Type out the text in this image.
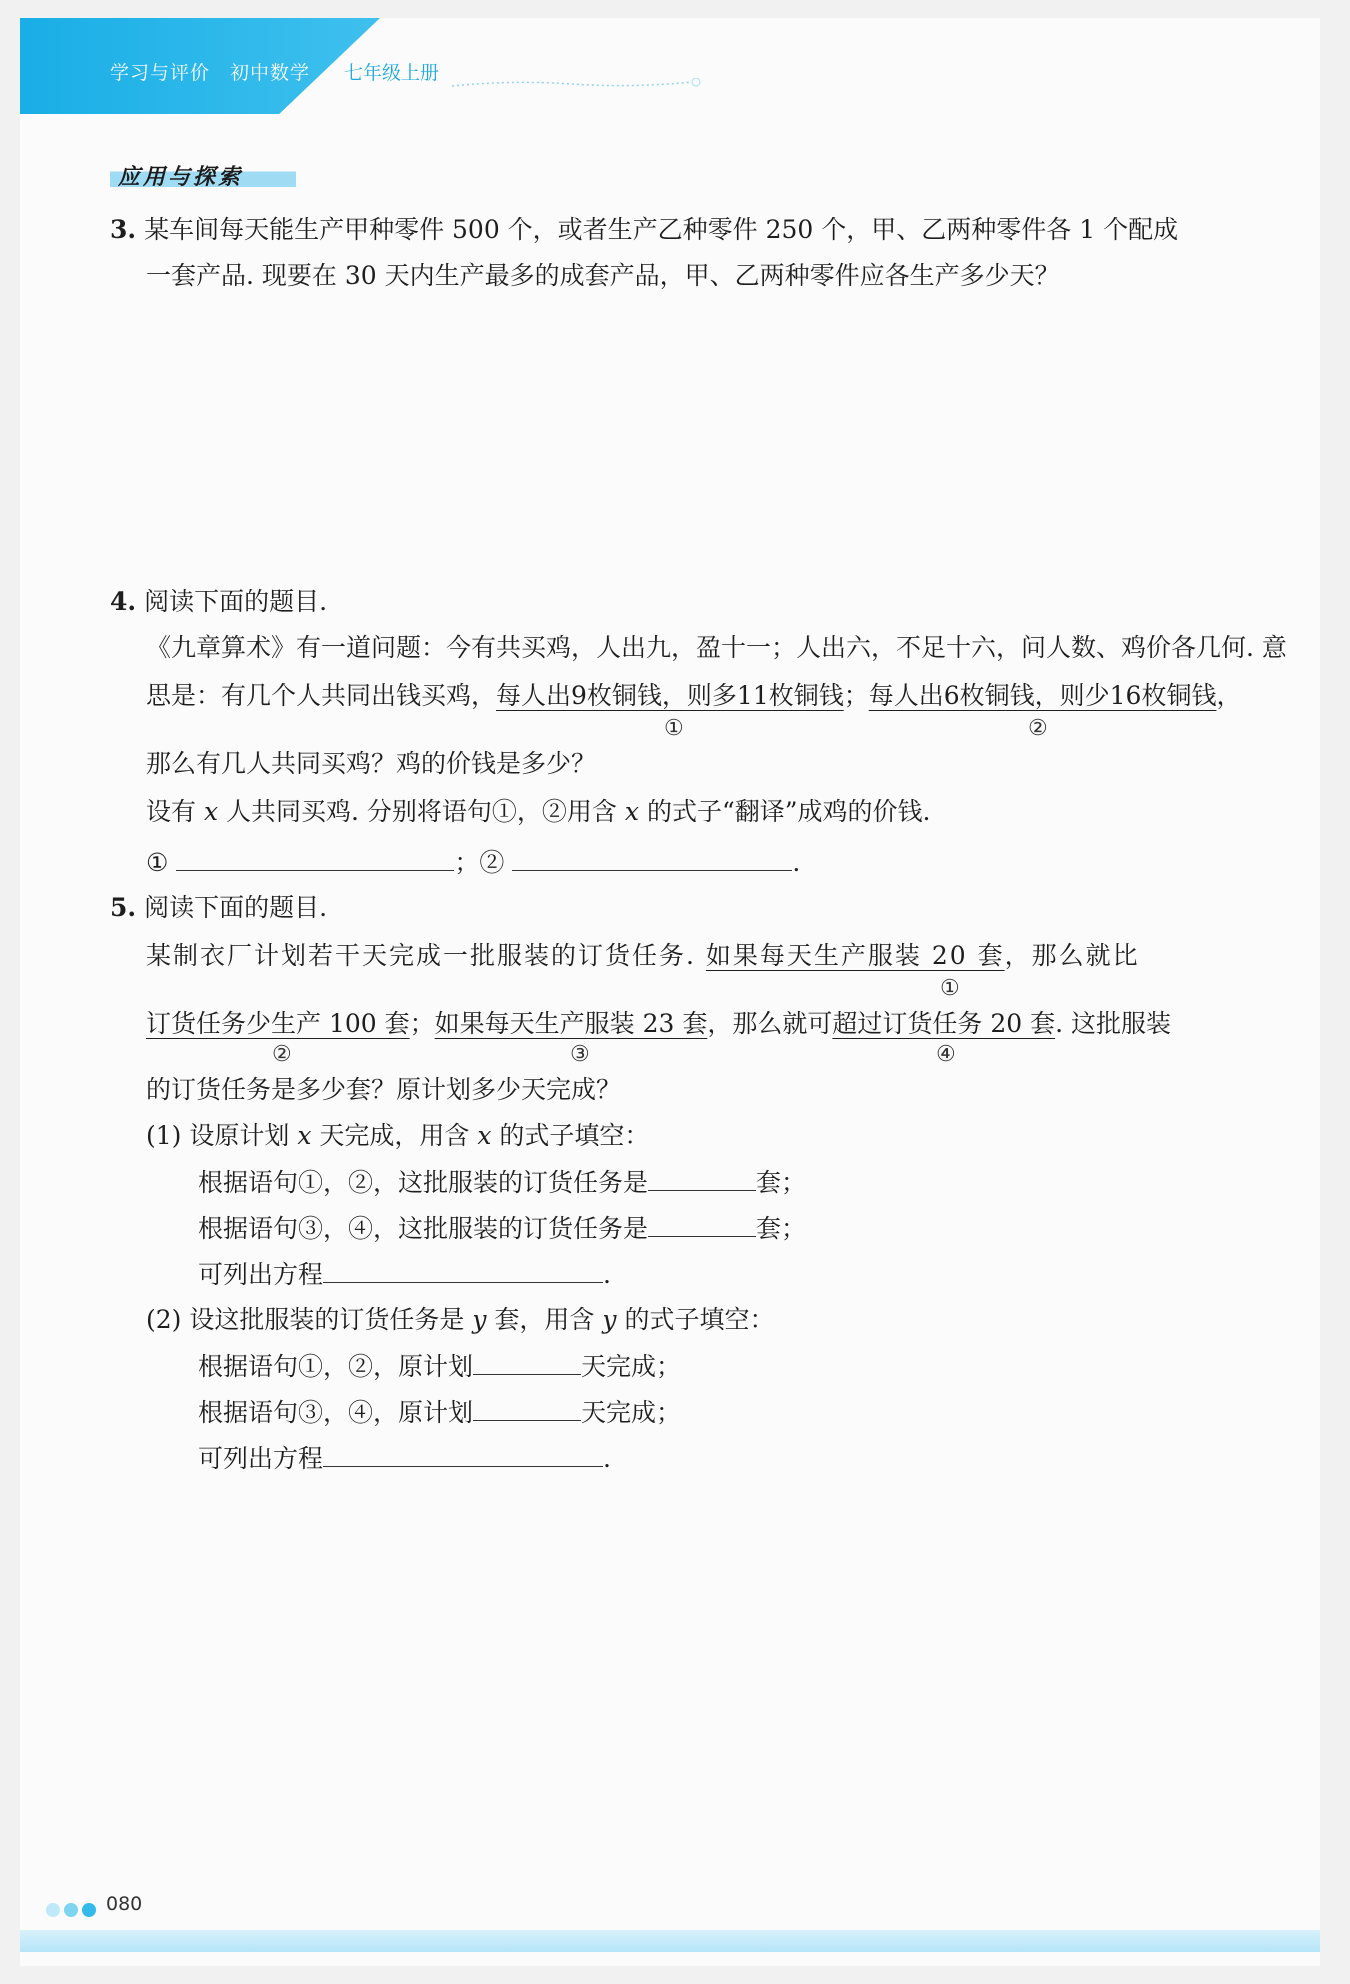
学习与评价 初中数学	七年级上册
应用与探索
3. 某车间每天能生产甲种零件 500 个，或者生产乙种零件 250 个，甲、乙两种零件各 1 个配成
一套产品. 现要在 30 天内生产最多的成套产品，甲、乙两种零件应各生产多少天？
4. 阅读下面的题目.
《九章算术》有一道问题：今有共买鸡，人出九，盈十一；人出六，不足十六，问人数、鸡价各几何. 意
思是：有几个人共同出钱买鸡，每人出9枚铜钱，则多11枚铜钱；每人出6枚铜钱，则少16枚铜钱，
①	②
那么有几人共同买鸡？鸡的价钱是多少？
设有 x 人共同买鸡. 分别将语句①，②用含 x 的式子“翻译”成鸡的价钱.
①	；②	.
5. 阅读下面的题目.
某制衣厂计划若干天完成一批服装的订货任务. 如果每天生产服装 20 套，那么就比
①
订货任务少生产 100 套；如果每天生产服装 23 套，那么就可超过订货任务 20 套. 这批服装
②	③	④
的订货任务是多少套？原计划多少天完成？
(1) 设原计划 x 天完成，用含 x 的式子填空：
根据语句①，②，这批服装的订货任务是	套；
根据语句③，④，这批服装的订货任务是	套；
可列出方程	.
(2) 设这批服装的订货任务是 y 套，用含 y 的式子填空：
根据语句①，②，原计划	天完成；
根据语句③，④，原计划	天完成；
可列出方程	.
080
